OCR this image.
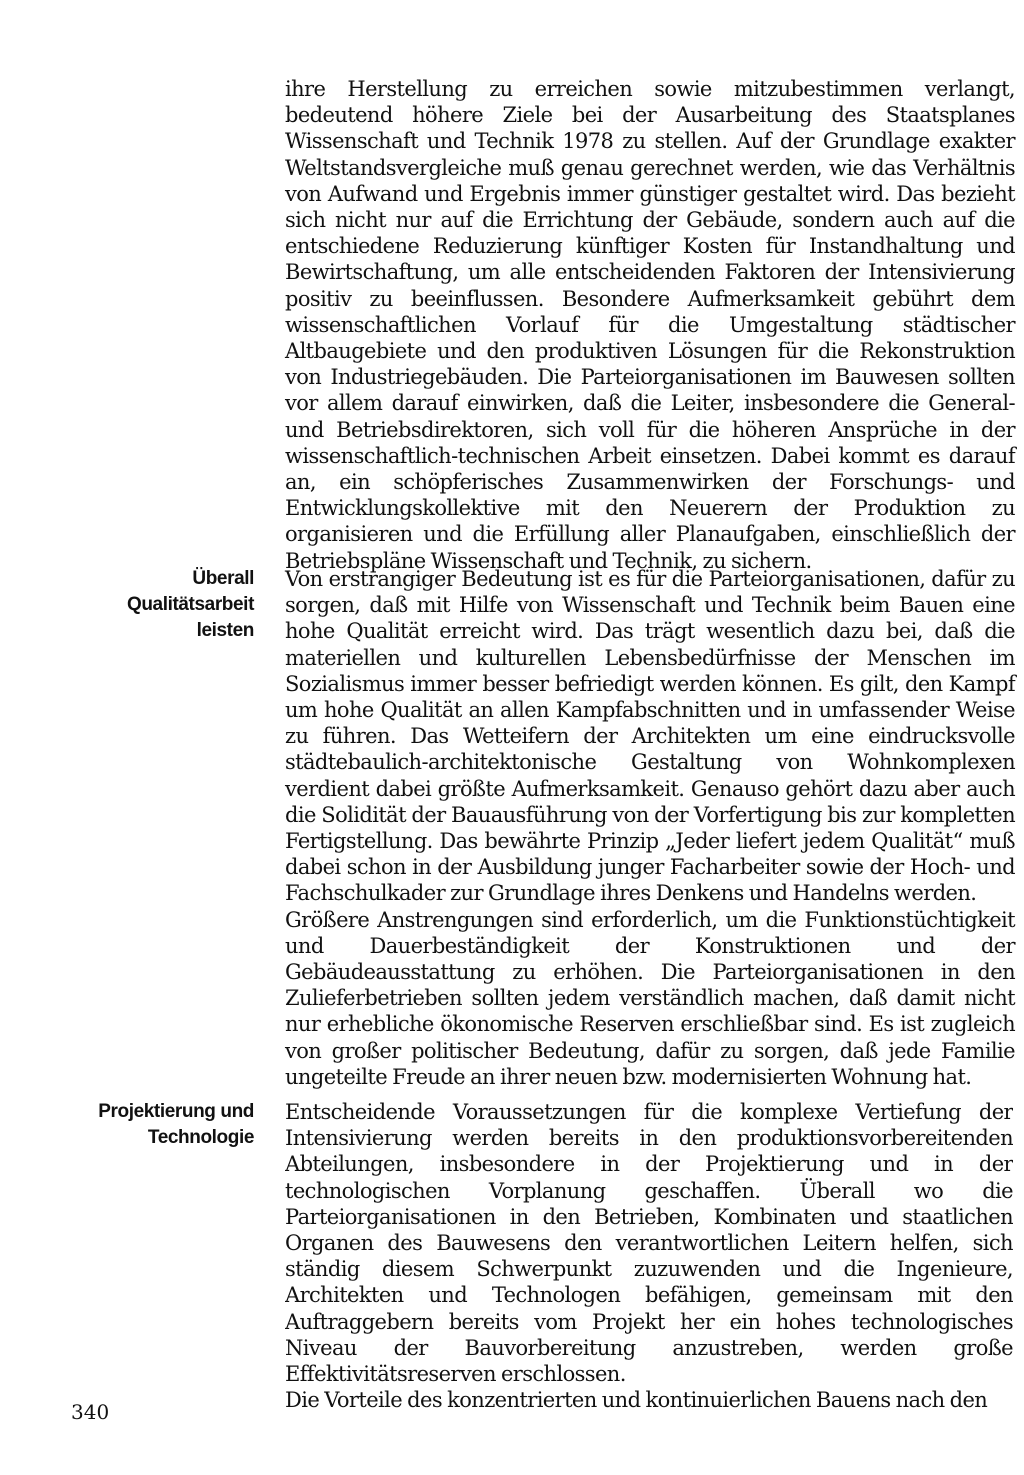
ihre Herstellung zu erreichen sowie mitzubestimmen verlangt, bedeutend höhere Ziele bei der Ausarbeitung des Staatsplanes Wissenschaft und Technik 1978 zu stellen. Auf der Grundlage exakter Weltstandsvergleiche muß genau gerechnet werden, wie das Verhältnis von Aufwand und Ergebnis immer günstiger gestaltet wird. Das bezieht sich nicht nur auf die Errichtung der Gebäude, sondern auch auf die entschiedene Reduzierung künftiger Kosten für Instandhaltung und Bewirtschaftung, um alle entscheidenden Faktoren der Intensivierung positiv zu beeinflussen. Besondere Aufmerksamkeit gebührt dem wissenschaftlichen Vorlauf für die Umgestaltung städtischer Altbaugebiete und den produktiven Lösungen für die Rekonstruktion von Industriegebäuden. Die Parteiorganisationen im Bauwesen sollten vor allem darauf einwirken, daß die Leiter, insbesondere die General- und Betriebsdirektoren, sich voll für die höheren Ansprüche in der wissenschaftlich-technischen Arbeit einsetzen. Dabei kommt es darauf an, ein schöpferisches Zusammenwirken der Forschungs- und Entwicklungskollektive mit den Neuerern der Produktion zu organisieren und die Erfüllung aller Planaufgaben, einschließlich der Betriebspläne Wissenschaft und Technik, zu sichern.

Überall
Qualitätsarbeit
leisten

Von erstrangiger Bedeutung ist es für die Parteiorganisationen, dafür zu sorgen, daß mit Hilfe von Wissenschaft und Technik beim Bauen eine hohe Qualität erreicht wird. Das trägt wesentlich dazu bei, daß die materiellen und kulturellen Lebensbedürfnisse der Menschen im Sozialismus immer besser befriedigt werden können. Es gilt, den Kampf um hohe Qualität an allen Kampfabschnitten und in umfassender Weise zu führen. Das Wetteifern der Architekten um eine eindrucksvolle städtebaulich-architektonische Gestaltung von Wohnkomplexen verdient dabei größte Aufmerksamkeit. Genauso gehört dazu aber auch die Solidität der Bauausführung von der Vorfertigung bis zur kompletten Fertigstellung. Das bewährte Prinzip „Jeder liefert jedem Qualität“ muß dabei schon in der Ausbildung junger Facharbeiter sowie der Hoch- und Fachschulkader zur Grundlage ihres Denkens und Handelns werden.

Größere Anstrengungen sind erforderlich, um die Funktionstüchtigkeit und Dauerbeständigkeit der Konstruktionen und der Gebäudeausstattung zu erhöhen. Die Parteiorganisationen in den Zulieferbetrieben sollten jedem verständlich machen, daß damit nicht nur erhebliche ökonomische Reserven erschließbar sind. Es ist zugleich von großer politischer Bedeutung, dafür zu sorgen, daß jede Familie ungeteilte Freude an ihrer neuen bzw. modernisierten Wohnung hat.

Projektierung und
Technologie

Entscheidende Voraussetzungen für die komplexe Vertiefung der Intensivierung werden bereits in den produktionsvorbereitenden Abteilungen, insbesondere in der Projektierung und in der technologischen Vorplanung geschaffen. Überall wo die Parteiorganisationen in den Betrieben, Kombinaten und staatlichen Organen des Bauwesens den verantwortlichen Leitern helfen, sich ständig diesem Schwerpunkt zuzuwenden und die Ingenieure, Architekten und Technologen befähigen, gemeinsam mit den Auftraggebern bereits vom Projekt her ein hohes technologisches Niveau der Bauvorbereitung anzustreben, werden große Effektivitätsreserven erschlossen.

Die Vorteile des konzentrierten und kontinuierlichen Bauens nach den

340
